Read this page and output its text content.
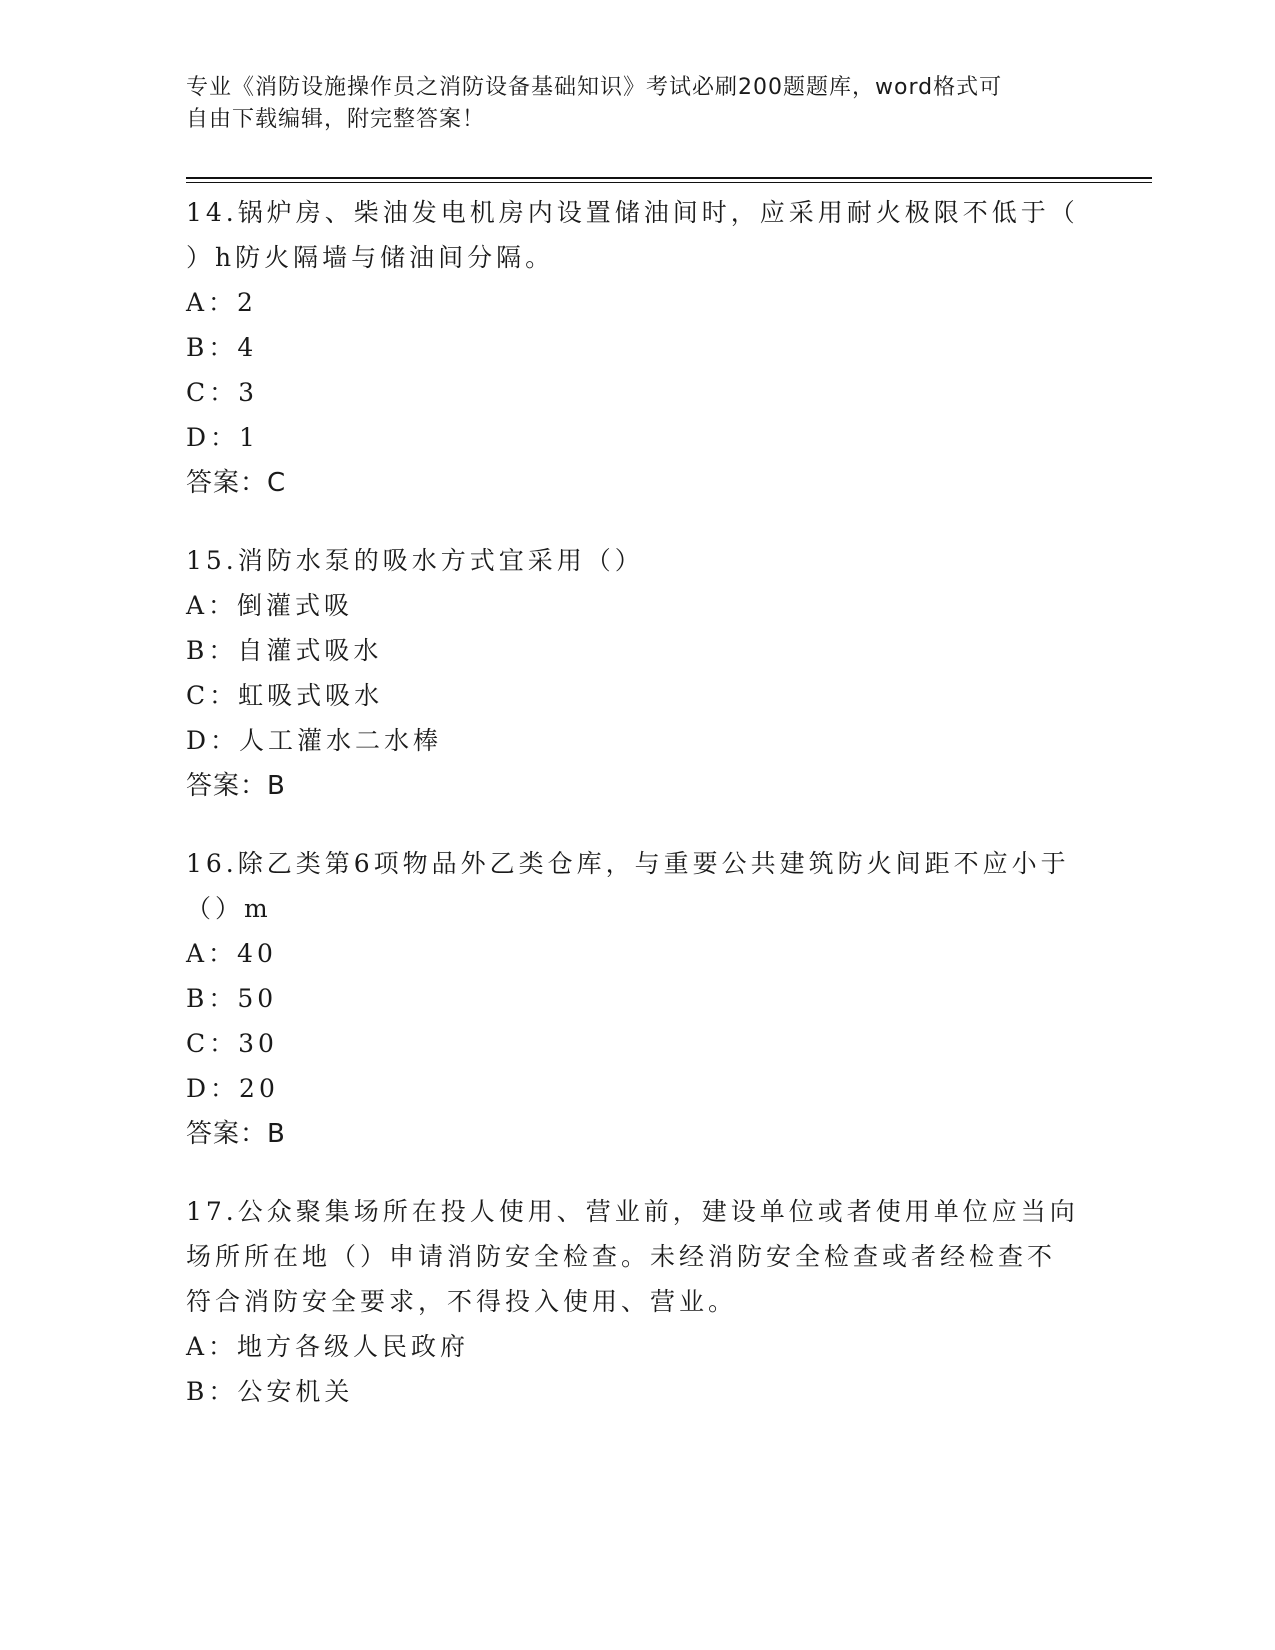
专业《消防设施操作员之消防设备基础知识》考试必刷200题题库，word格式可
自由下载编辑，附完整答案！

14.锅炉房、柴油发电机房内设置储油间时，应采用耐火极限不低于（

）h防火隔墙与储油间分隔。

A：2

B：4

C：3

D：1

答案：C

15.消防水泵的吸水方式宜采用（）

A：倒灌式吸

B：自灌式吸水

C：虹吸式吸水

D：人工灌水二水棒

答案：B

16.除乙类第6项物品外乙类仓库，与重要公共建筑防火间距不应小于

（）m

A：40

B：50

C：30

D：20

答案：B

17.公众聚集场所在投人使用、营业前，建设单位或者使用单位应当向

场所所在地（）申请消防安全检查。未经消防安全检查或者经检查不

符合消防安全要求，不得投入使用、营业。

A：地方各级人民政府

B：公安机关
